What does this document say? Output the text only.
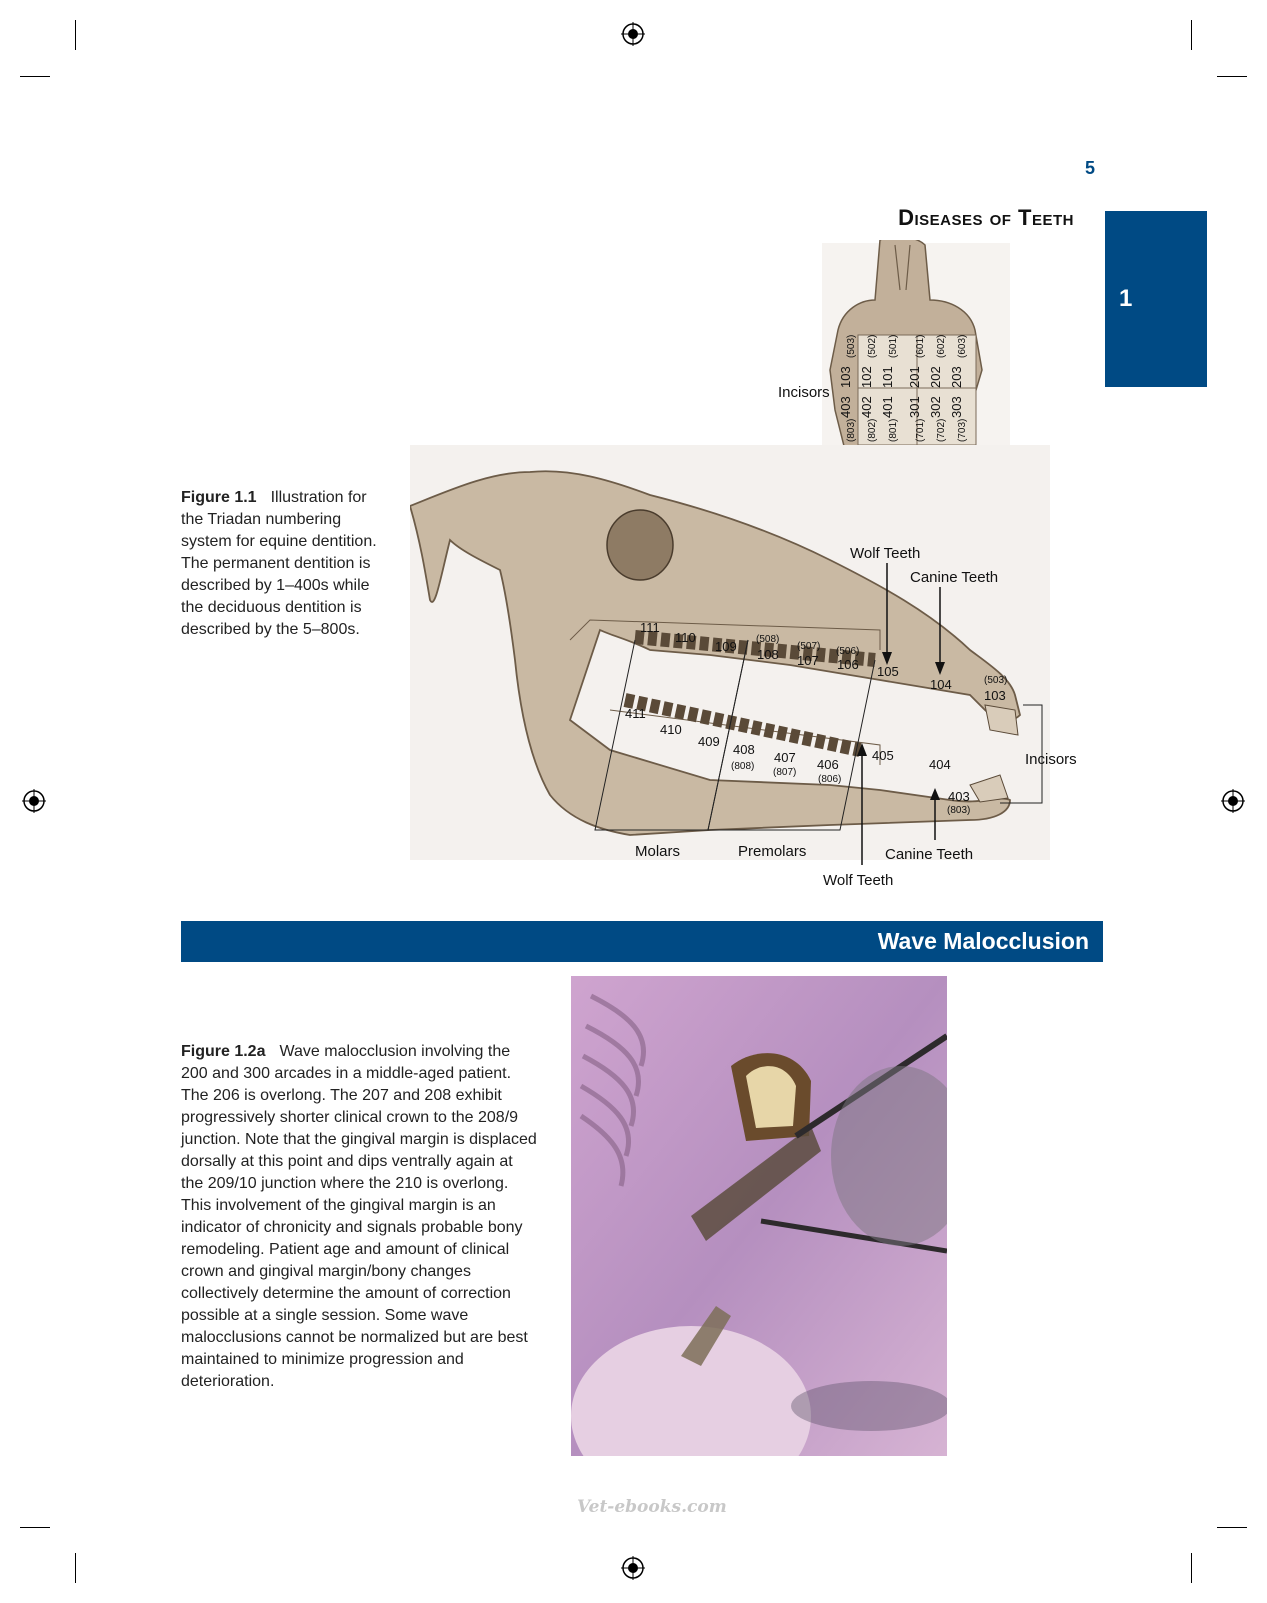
5
Diseases of Teeth
1
Figure 1.1 Illustration for the Triadan numbering system for equine dentition. The permanent dentition is described by 1–400s while the deciduous dentition is described by the 5–800s.
103 102 101 201 202 203
(503) (502) (501) (601) (602) (603)
403 402 401 301 302 303
(803) (802) (801) (701) (702) (703)
Incisors
Wolf Teeth
Canine Teeth
Incisors
Molars	Premolars	Canine Teeth
Wolf Teeth
111
110
109 (508)
108
(507)
107
(506)
106 105
104	(503)
103
411
410
409
408
(808)
407
(807)
406
(806)
405
404
403
(803)
Wave Malocclusion
Figure 1.2a Wave malocclusion involving the 200 and 300 arcades in a middle-aged patient. The 206 is overlong. The 207 and 208 exhibit progressively shorter clinical crown to the 208/9 junction. Note that the gingival margin is displaced dorsally at this point and dips ventrally again at the 209/10 junction where the 210 is overlong. This involvement of the gingival margin is an indicator of chronicity and signals probable bony remodeling. Patient age and amount of clinical crown and gingival margin/bony changes collectively determine the amount of correction possible at a single session. Some wave malocclusions cannot be normalized but are best maintained to minimize progression and deterioration.
Vet-ebooks.com
